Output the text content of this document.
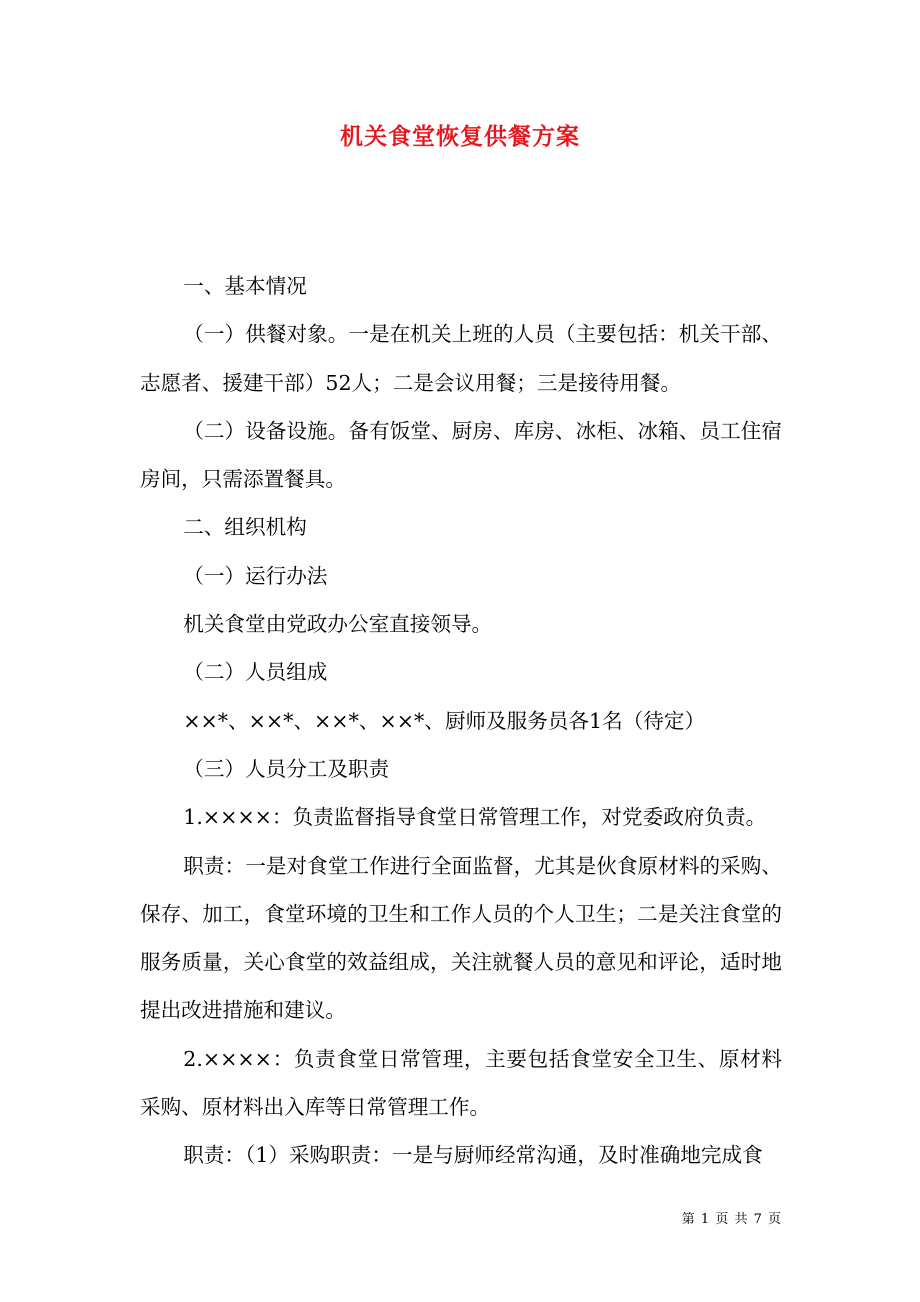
机关食堂恢复供餐方案

一、基本情况

（一）供餐对象。一是在机关上班的人员（主要包括：机关干部、志愿者、援建干部）52人；二是会议用餐；三是接待用餐。

（二）设备设施。备有饭堂、厨房、库房、冰柜、冰箱、员工住宿房间，只需添置餐具。

二、组织机构

（一）运行办法

机关食堂由党政办公室直接领导。

（二）人员组成

××*、××*、××*、××*、厨师及服务员各1名（待定）

（三）人员分工及职责

1.××××：负责监督指导食堂日常管理工作，对党委政府负责。

职责：一是对食堂工作进行全面监督，尤其是伙食原材料的采购、保存、加工，食堂环境的卫生和工作人员的个人卫生；二是关注食堂的服务质量，关心食堂的效益组成，关注就餐人员的意见和评论，适时地提出改进措施和建议。

2.××××：负责食堂日常管理，主要包括食堂安全卫生、原材料采购、原材料出入库等日常管理工作。

职责：（1）采购职责：一是与厨师经常沟通，及时准确地完成食

第 1 页 共 7 页
